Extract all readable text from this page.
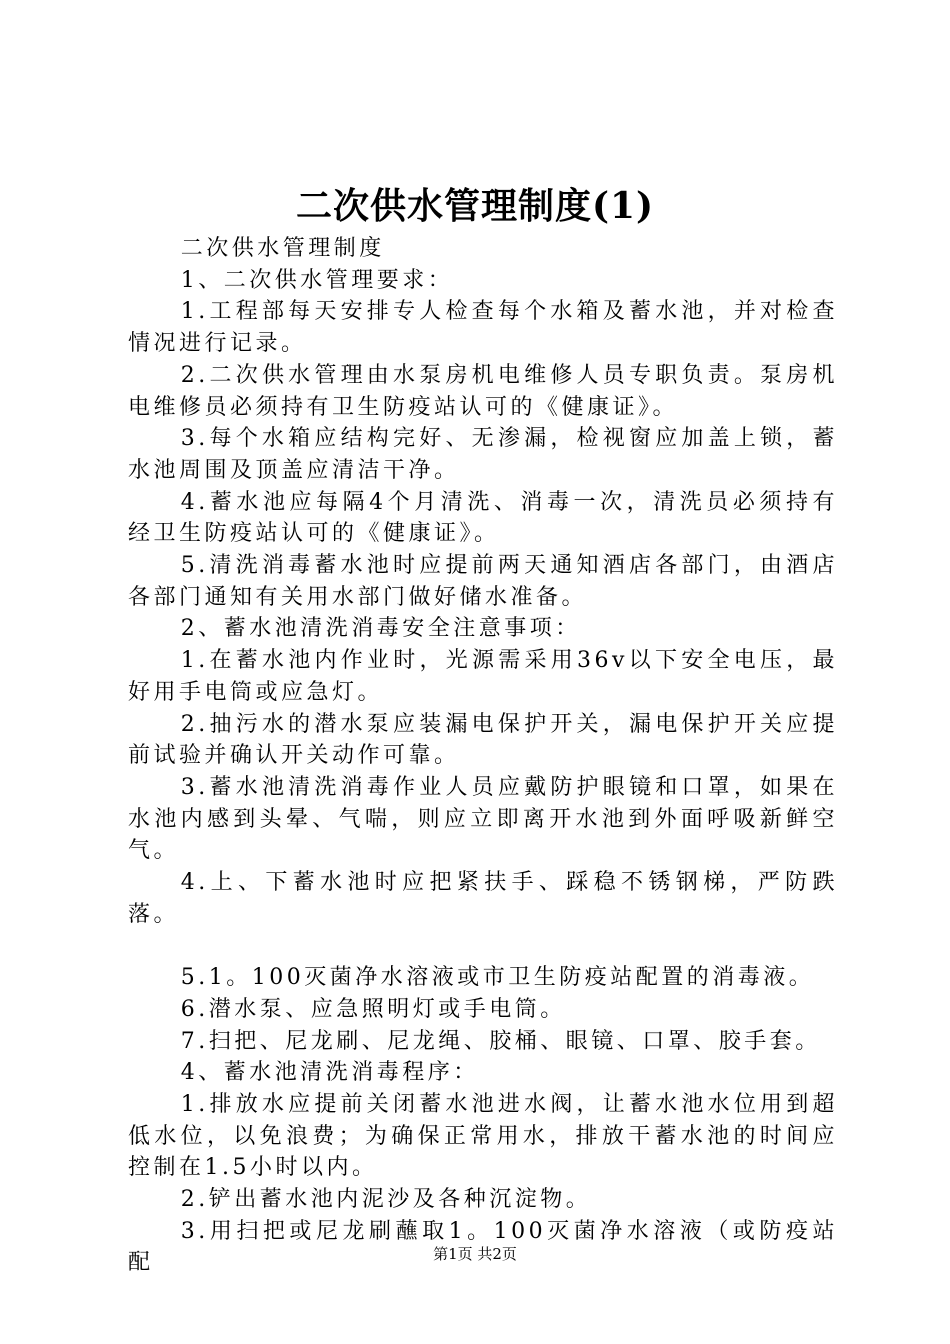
二次供水管理制度(1)

二次供水管理制度

1、二次供水管理要求：

1.工程部每天安排专人检查每个水箱及蓄水池，并对检查情况进行记录。

2.二次供水管理由水泵房机电维修人员专职负责。泵房机电维修员必须持有卫生防疫站认可的《健康证》。

3.每个水箱应结构完好、无渗漏，检视窗应加盖上锁，蓄水池周围及顶盖应清洁干净。

4.蓄水池应每隔4个月清洗、消毒一次，清洗员必须持有经卫生防疫站认可的《健康证》。

5.清洗消毒蓄水池时应提前两天通知酒店各部门，由酒店各部门通知有关用水部门做好储水准备。

2、蓄水池清洗消毒安全注意事项：

1.在蓄水池内作业时，光源需采用36v以下安全电压，最好用手电筒或应急灯。

2.抽污水的潜水泵应装漏电保护开关，漏电保护开关应提前试验并确认开关动作可靠。

3.蓄水池清洗消毒作业人员应戴防护眼镜和口罩，如果在水池内感到头晕、气喘，则应立即离开水池到外面呼吸新鲜空气。

4.上、下蓄水池时应把紧扶手、踩稳不锈钢梯，严防跌落。

5.1。100灭菌净水溶液或市卫生防疫站配置的消毒液。

6.潜水泵、应急照明灯或手电筒。

7.扫把、尼龙刷、尼龙绳、胶桶、眼镜、口罩、胶手套。

4、蓄水池清洗消毒程序：

1.排放水应提前关闭蓄水池进水阀，让蓄水池水位用到超低水位，以免浪费；为确保正常用水，排放干蓄水池的时间应控制在1.5小时以内。

2.铲出蓄水池内泥沙及各种沉淀物。

3.用扫把或尼龙刷蘸取1。100灭菌净水溶液（或防疫站配	第1页 共2页
